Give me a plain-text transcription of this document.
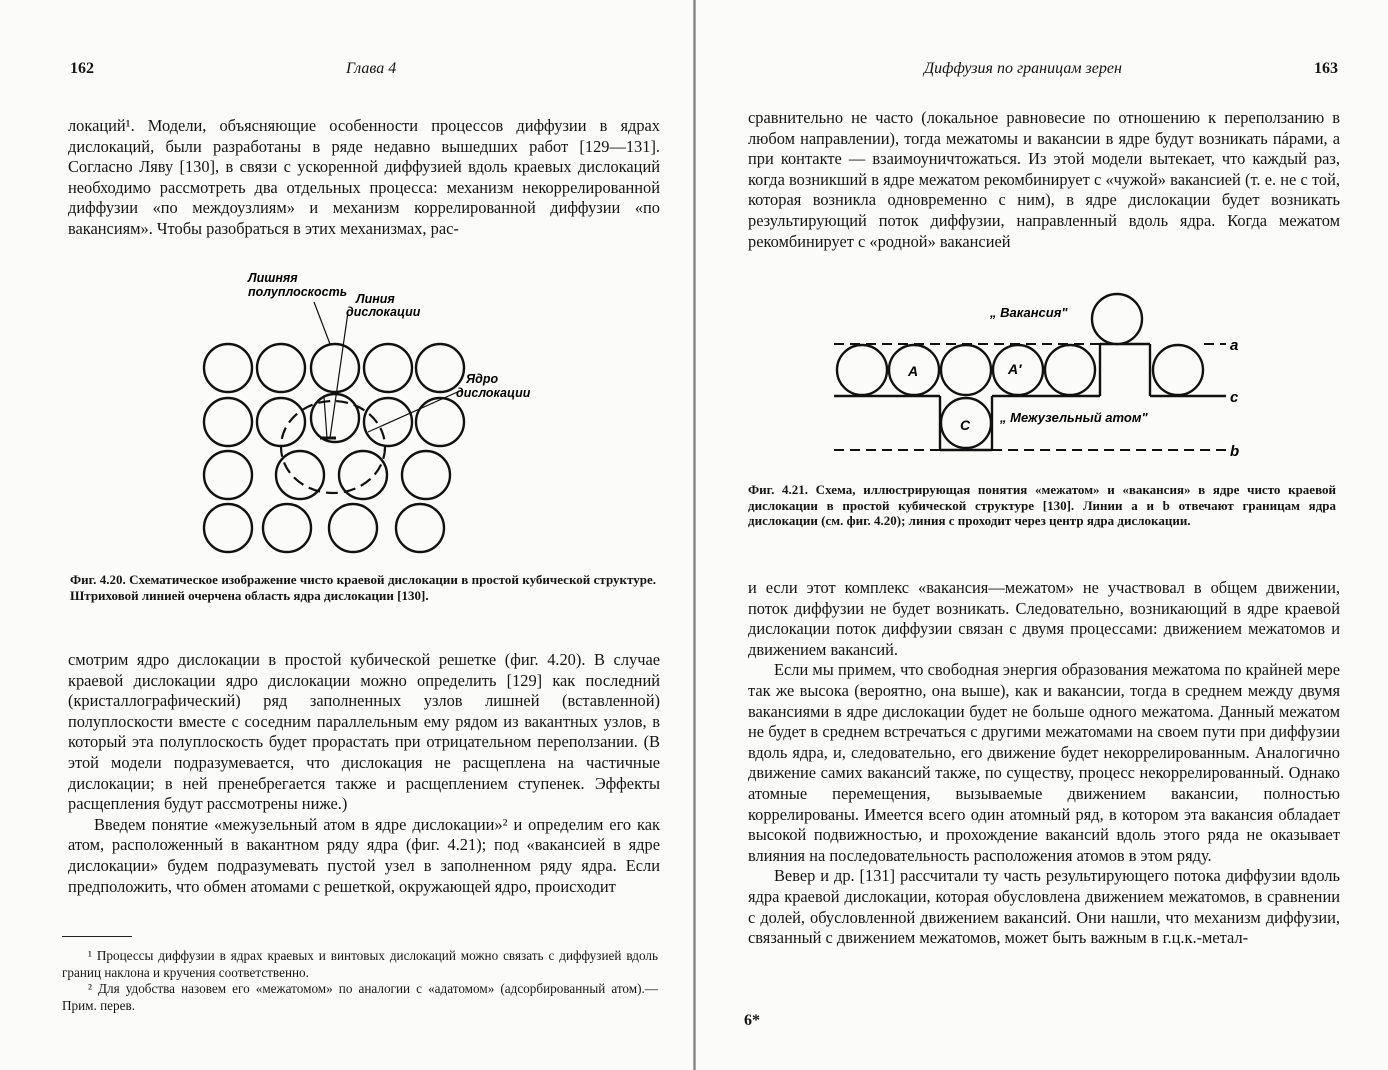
162	Глава 4

локаций¹. Модели, объясняющие особенности процессов диффузии в ядрах дислокаций, были разработаны в ряде недавно вышедших работ [129—131]. Согласно Ляву [130], в связи с ускоренной диффузией вдоль краевых дислокаций необходимо рассмотреть два отдельных процесса: механизм некоррелированной диффузии «по междоузлиям» и механизм коррелированной диффузии «по вакансиям». Чтобы разобраться в этих механизмах, рас-

Лишняя
полуплоскость Линия
дислокации
Ядро
дислокации
Фиг. 4.20. Схематическое изображение чисто краевой дислокации в простой кубической структуре. Штриховой линией очерчена область ядра дислокации [130].

смотрим ядро дислокации в простой кубической решетке (фиг. 4.20). В случае краевой дислокации ядро дислокации можно определить [129] как последний (кристаллографический) ряд заполненных узлов лишней (вставленной) полуплоскости вместе с соседним параллельным ему рядом из вакантных узлов, в который эта полуплоскость будет прорастать при отрицательном переползании. (В этой модели подразумевается, что дислокация не расщеплена на частичные дислокации; в ней пренебрегается также и расщеплением ступенек. Эффекты расщепления будут рассмотрены ниже.)

Введем понятие «межузельный атом в ядре дислокации»² и определим его как атом, расположенный в вакантном ряду ядра (фиг. 4.21); под «вакансией в ядре дислокации» будем подразумевать пустой узел в заполненном ряду ядра. Если предположить, что обмен атомами с решеткой, окружающей ядро, происходит

¹ Процессы диффузии в ядрах краевых и винтовых дислокаций можно связать с диффузией вдоль границ наклона и кручения соответственно.

² Для удобства назовем его «межатомом» по аналогии с «адатомом» (адсорбированный атом).— Прим. перев.

Диффузия по границам зерен	163

сравнительно не часто (локальное равновесие по отношению к переползанию в любом направлении), тогда межатомы и вакансии в ядре будут возникать пáрами, а при контакте — взаимоуничтожаться. Из этой модели вытекает, что каждый раз, когда возникший в ядре межатом рекомбинирует с «чужой» вакансией (т. е. не с той, которая возникла одновременно с ним), в ядре дислокации будет возникать результирующий поток диффузии, направленный вдоль ядра. Когда межатом рекомбинирует с «родной» вакансией

A	A′
C
„ Вакансия"
„ Межузельный атом"
a
c
b
Фиг. 4.21. Схема, иллюстрирующая понятия «межатом» и «вакансия» в ядре чисто краевой дислокации в простой кубической структуре [130]. Линии a и b отвечают границам ядра дислокации (см. фиг. 4.20); линия c проходит через центр ядра дислокации.

и если этот комплекс «вакансия—межатом» не участвовал в общем движении, поток диффузии не будет возникать. Следовательно, возникающий в ядре краевой дислокации поток диффузии связан с двумя процессами: движением межатомов и движением вакансий.

Если мы примем, что свободная энергия образования межатома по крайней мере так же высока (вероятно, она выше), как и вакансии, тогда в среднем между двумя вакансиями в ядре дислокации будет не больше одного межатома. Данный межатом не будет в среднем встречаться с другими межатомами на своем пути при диффузии вдоль ядра, и, следовательно, его движение будет некоррелированным. Аналогично движение самих вакансий также, по существу, процесс некоррелированный. Однако атомные перемещения, вызываемые движением вакансии, полностью коррелированы. Имеется всего один атомный ряд, в котором эта вакансия обладает высокой подвижностью, и прохождение вакансий вдоль этого ряда не оказывает влияния на последовательность расположения атомов в этом ряду.

Вевер и др. [131] рассчитали ту часть результирующего потока диффузии вдоль ядра краевой дислокации, которая обусловлена движением межатомов, в сравнении с долей, обусловленной движением вакансий. Они нашли, что механизм диффузии, связанный с движением межатомов, может быть важным в г.ц.к.-метал-

6*
